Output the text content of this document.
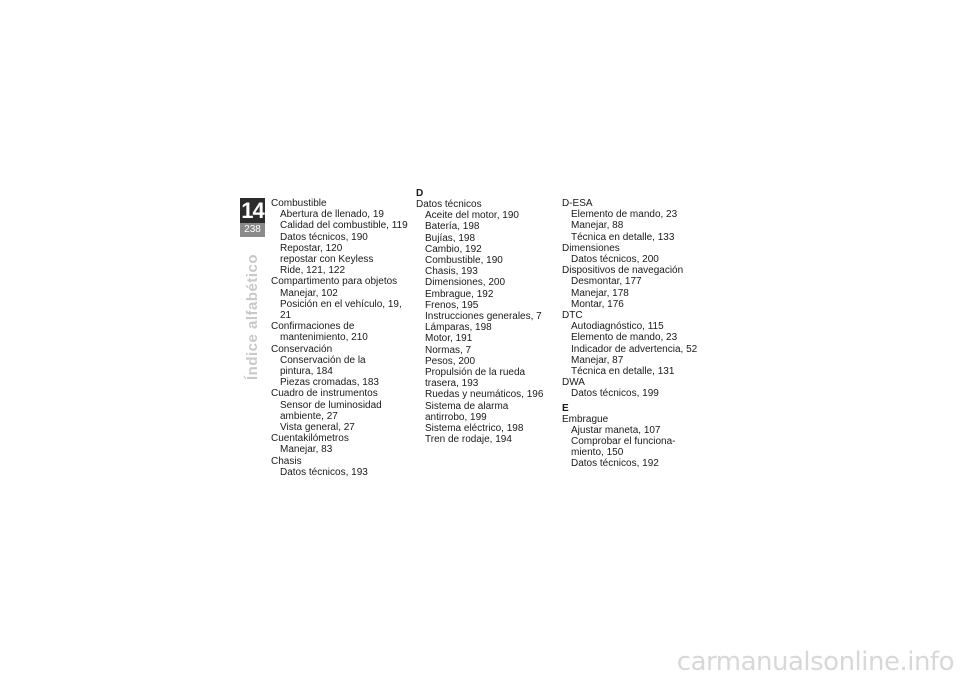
14
238
Índice alfabético
Combustible
Abertura de llenado, 19
Calidad del combustible, 119
Datos técnicos, 190
Repostar, 120
repostar con Keyless
Ride, 121, 122
Compartimento para objetos
Manejar, 102
Posición en el vehículo, 19, 21
Confirmaciones de
mantenimiento, 210
Conservación
Conservación de la
pintura, 184
Piezas cromadas, 183
Cuadro de instrumentos
Sensor de luminosidad
ambiente, 27
Vista general, 27
Cuentakilómetros
Manejar, 83
Chasis
Datos técnicos, 193
D
Datos técnicos
Aceite del motor, 190
Batería, 198
Bujías, 198
Cambio, 192
Combustible, 190
Chasis, 193
Dimensiones, 200
Embrague, 192
Frenos, 195
Instrucciones generales, 7
Lámparas, 198
Motor, 191
Normas, 7
Pesos, 200
Propulsión de la rueda
trasera, 193
Ruedas y neumáticos, 196
Sistema de alarma
antirrobo, 199
Sistema eléctrico, 198
Tren de rodaje, 194
D-ESA
Elemento de mando, 23
Manejar, 88
Técnica en detalle, 133
Dimensiones
Datos técnicos, 200
Dispositivos de navegación
Desmontar, 177
Manejar, 178
Montar, 176
DTC
Autodiagnóstico, 115
Elemento de mando, 23
Indicador de advertencia, 52
Manejar, 87
Técnica en detalle, 131
DWA
Datos técnicos, 199
E
Embrague
Ajustar maneta, 107
Comprobar el funciona-
miento, 150
Datos técnicos, 192
carmanualsonline.info
